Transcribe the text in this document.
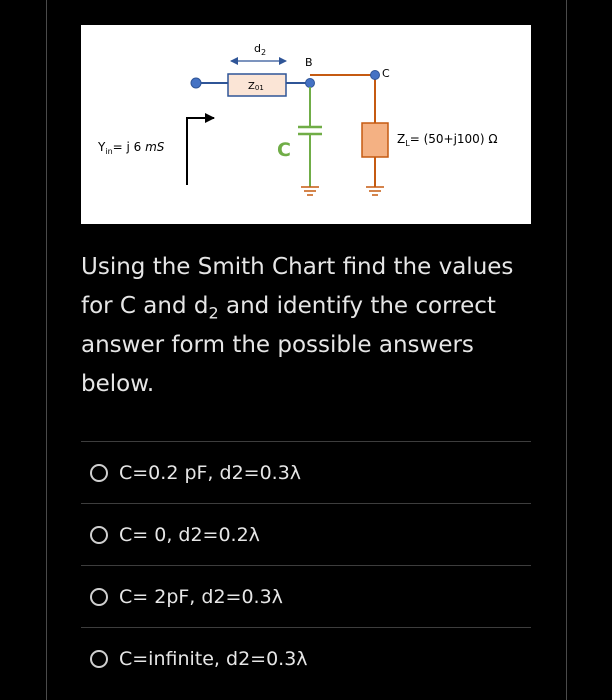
$d_2$
Z01
B
C
C	$Z_L= (50+j100)$ Ω
$Y_{in}= j$ 6 mS

Using the Smith Chart find the values
for C and $d_2$ and identify the correct
answer form the possible answers
below.

C=0.2 pF, d2=0.3λ
C= 0, d2=0.2λ
C= 2pF, d2=0.3λ
C=infinite, d2=0.3λ
